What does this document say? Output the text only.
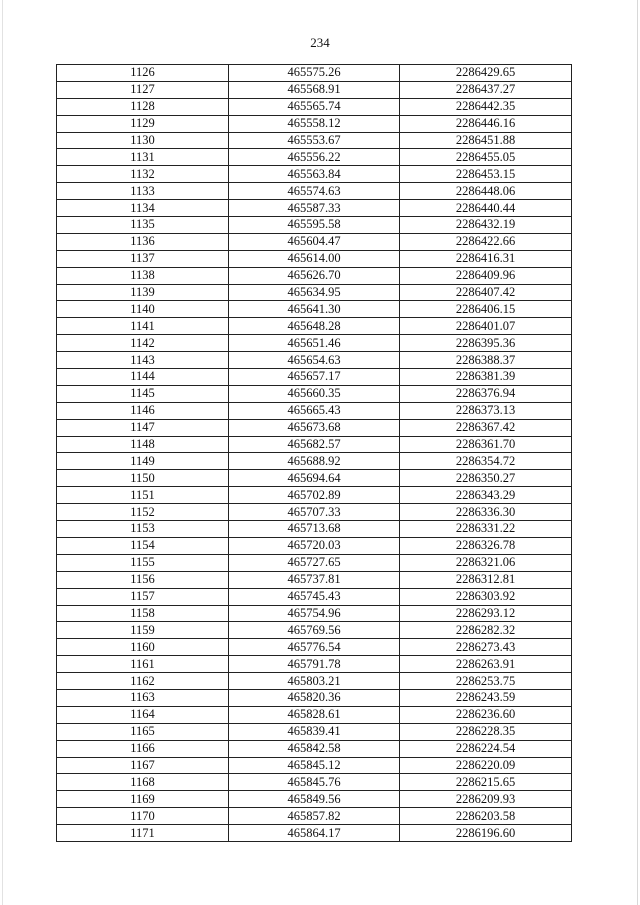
234
1126	465575.26	2286429.65
1127	465568.91	2286437.27
1128	465565.74	2286442.35
1129	465558.12	2286446.16
1130	465553.67	2286451.88
1131	465556.22	2286455.05
1132	465563.84	2286453.15
1133	465574.63	2286448.06
1134	465587.33	2286440.44
1135	465595.58	2286432.19
1136	465604.47	2286422.66
1137	465614.00	2286416.31
1138	465626.70	2286409.96
1139	465634.95	2286407.42
1140	465641.30	2286406.15
1141	465648.28	2286401.07
1142	465651.46	2286395.36
1143	465654.63	2286388.37
1144	465657.17	2286381.39
1145	465660.35	2286376.94
1146	465665.43	2286373.13
1147	465673.68	2286367.42
1148	465682.57	2286361.70
1149	465688.92	2286354.72
1150	465694.64	2286350.27
1151	465702.89	2286343.29
1152	465707.33	2286336.30
1153	465713.68	2286331.22
1154	465720.03	2286326.78
1155	465727.65	2286321.06
1156	465737.81	2286312.81
1157	465745.43	2286303.92
1158	465754.96	2286293.12
1159	465769.56	2286282.32
1160	465776.54	2286273.43
1161	465791.78	2286263.91
1162	465803.21	2286253.75
1163	465820.36	2286243.59
1164	465828.61	2286236.60
1165	465839.41	2286228.35
1166	465842.58	2286224.54
1167	465845.12	2286220.09
1168	465845.76	2286215.65
1169	465849.56	2286209.93
1170	465857.82	2286203.58
1171	465864.17	2286196.60
